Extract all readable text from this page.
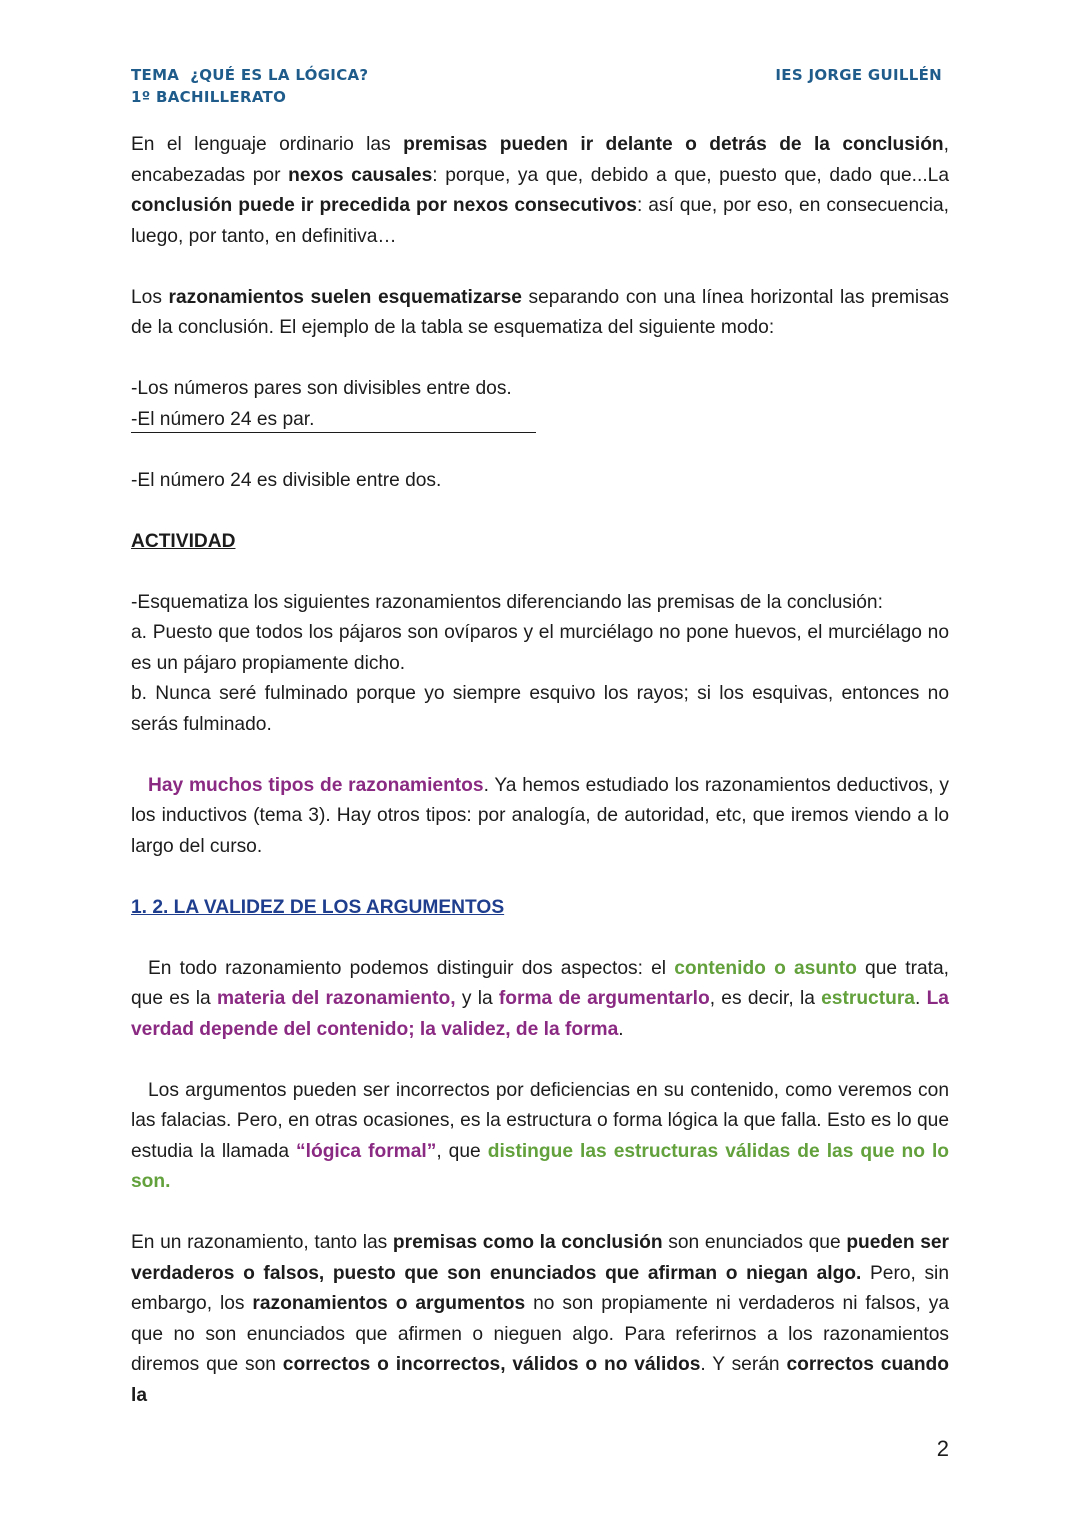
TEMA  ¿QUÉ ES LA LÓGICA?
1º BACHILLERATO
IES JORGE GUILLÉN

En el lenguaje ordinario las premisas pueden ir delante o detrás de la conclusión, encabezadas por nexos causales: porque, ya que, debido a que, puesto que, dado que...La conclusión puede ir precedida por nexos consecutivos: así que, por eso, en consecuencia, luego, por tanto, en definitiva…

Los razonamientos suelen esquematizarse separando con una línea horizontal las premisas de la conclusión. El ejemplo de la tabla se esquematiza del siguiente modo:

-Los números pares son divisibles entre dos.

-El número 24 es par.

-El número 24 es divisible entre dos.

ACTIVIDAD

-Esquematiza los siguientes razonamientos diferenciando las premisas de la conclusión:

a. Puesto que todos los pájaros son ovíparos y el murciélago no pone huevos, el murciélago no es un pájaro propiamente dicho.

b. Nunca seré fulminado porque yo siempre esquivo los rayos; si los esquivas, entonces no serás fulminado.

Hay muchos tipos de razonamientos. Ya hemos estudiado los razonamientos deductivos, y los inductivos (tema 3). Hay otros tipos: por analogía, de autoridad, etc, que iremos viendo a lo largo del curso.

1. 2. LA VALIDEZ DE LOS ARGUMENTOS

En todo razonamiento podemos distinguir dos aspectos: el contenido o asunto que trata, que es la materia del razonamiento, y la forma de argumentarlo, es decir, la estructura. La verdad depende del contenido; la validez, de la forma.

Los argumentos pueden ser incorrectos por deficiencias en su contenido, como veremos con las falacias. Pero, en otras ocasiones, es la estructura o forma lógica la que falla. Esto es lo que estudia la llamada “lógica formal”, que distingue las estructuras válidas de las que no lo son.

En un razonamiento, tanto las premisas como la conclusión son enunciados que pueden ser verdaderos o falsos, puesto que son enunciados que afirman o niegan algo. Pero, sin embargo, los razonamientos o argumentos no son propiamente ni verdaderos ni falsos, ya que no son enunciados que afirmen o nieguen algo. Para referirnos a los razonamientos diremos que son correctos o incorrectos, válidos o no válidos. Y serán correctos cuando la

2
